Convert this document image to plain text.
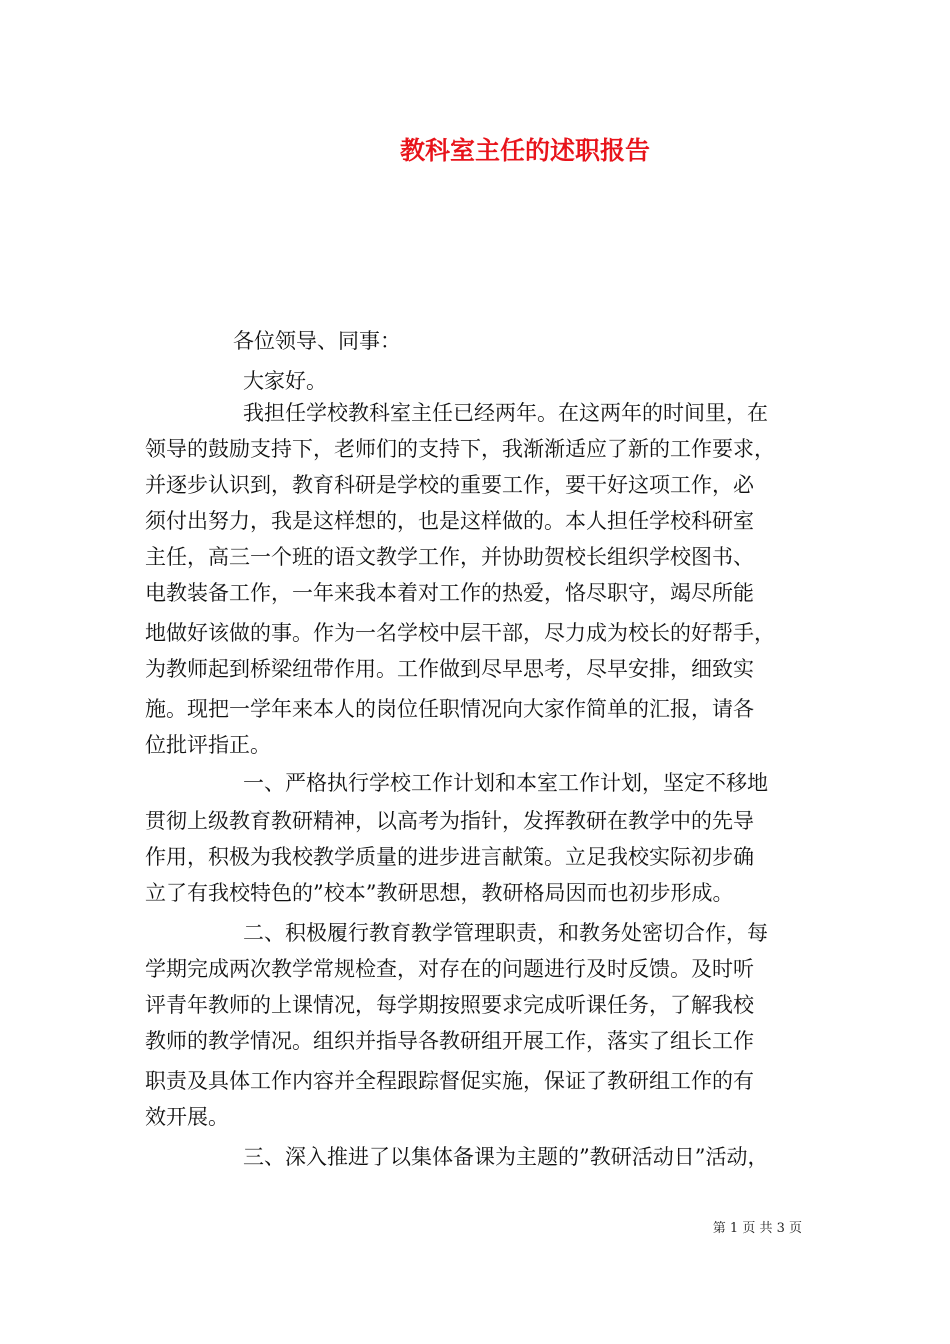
教科室主任的述职报告
各位领导、同事：
大家好。
我担任学校教科室主任已经两年。在这两年的时间里，在
领导的鼓励支持下，老师们的支持下，我渐渐适应了新的工作要求，
并逐步认识到，教育科研是学校的重要工作，要干好这项工作，必
须付出努力，我是这样想的，也是这样做的。本人担任学校科研室
主任，高三一个班的语文教学工作，并协助贺校长组织学校图书、
电教装备工作，一年来我本着对工作的热爱，恪尽职守，竭尽所能
地做好该做的事。作为一名学校中层干部，尽力成为校长的好帮手，
为教师起到桥梁纽带作用。工作做到尽早思考，尽早安排，细致实
施。现把一学年来本人的岗位任职情况向大家作简单的汇报，请各
位批评指正。
一、严格执行学校工作计划和本室工作计划，坚定不移地
贯彻上级教育教研精神，以高考为指针，发挥教研在教学中的先导
作用，积极为我校教学质量的进步进言献策。立足我校实际初步确
立了有我校特色的”校本”教研思想，教研格局因而也初步形成。
二、积极履行教育教学管理职责，和教务处密切合作，每
学期完成两次教学常规检查，对存在的问题进行及时反馈。及时听
评青年教师的上课情况，每学期按照要求完成听课任务，了解我校
教师的教学情况。组织并指导各教研组开展工作，落实了组长工作
职责及具体工作内容并全程跟踪督促实施，保证了教研组工作的有
效开展。
三、深入推进了以集体备课为主题的”教研活动日”活动，
第 1 页 共 3 页
